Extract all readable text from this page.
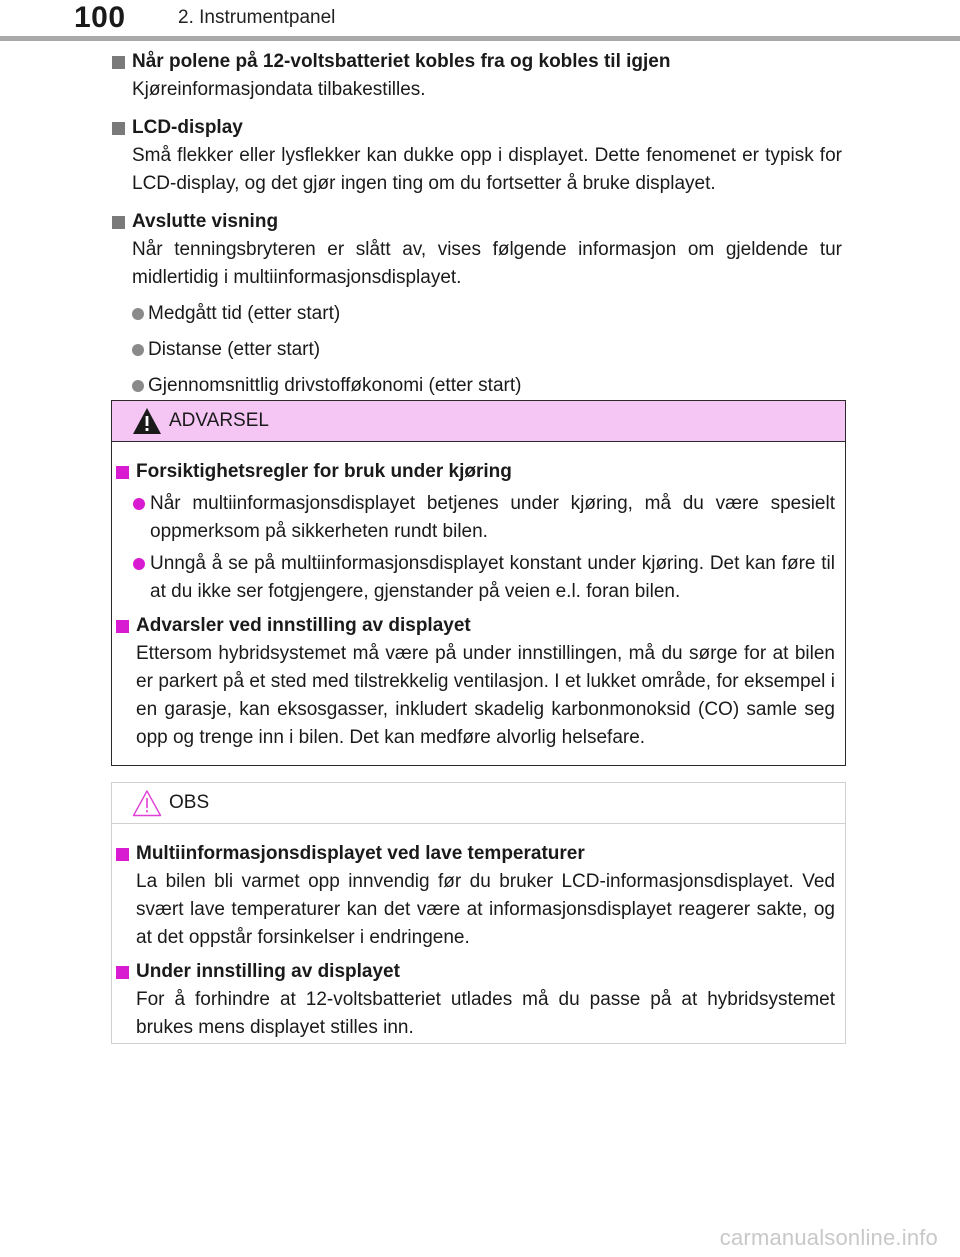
100	2. Instrumentpanel
Når polene på 12-voltsbatteriet kobles fra og kobles til igjen

Kjøreinformasjondata tilbakestilles.

LCD-display

Små flekker eller lysflekker kan dukke opp i displayet. Dette fenomenet er typisk for LCD-display, og det gjør ingen ting om du fortsetter å bruke displayet.

Avslutte visning

Når tenningsbryteren er slått av, vises følgende informasjon om gjeldende tur midlertidig i multiinformasjonsdisplayet.

Medgått tid (etter start)
Distanse (etter start)
Gjennomsnittlig drivstofføkonomi (etter start)
ADVARSEL
Forsiktighetsregler for bruk under kjøring
Når multiinformasjonsdisplayet betjenes under kjøring, må du være spesielt oppmerksom på sikkerheten rundt bilen.
Unngå å se på multiinformasjonsdisplayet konstant under kjøring. Det kan føre til at du ikke ser fotgjengere, gjenstander på veien e.l. foran bilen.
Advarsler ved innstilling av displayet

Ettersom hybridsystemet må være på under innstillingen, må du sørge for at bilen er parkert på et sted med tilstrekkelig ventilasjon. I et lukket område, for eksempel i en garasje, kan eksosgasser, inkludert skadelig karbonmonoksid (CO) samle seg opp og trenge inn i bilen. Det kan medføre alvorlig helsefare.

OBS
Multiinformasjonsdisplayet ved lave temperaturer

La bilen bli varmet opp innvendig før du bruker LCD-informasjonsdisplayet. Ved svært lave temperaturer kan det være at informasjonsdisplayet reagerer sakte, og at det oppstår forsinkelser i endringene.

Under innstilling av displayet

For å forhindre at 12-voltsbatteriet utlades må du passe på at hybridsystemet brukes mens displayet stilles inn.

carmanualsonline.info
